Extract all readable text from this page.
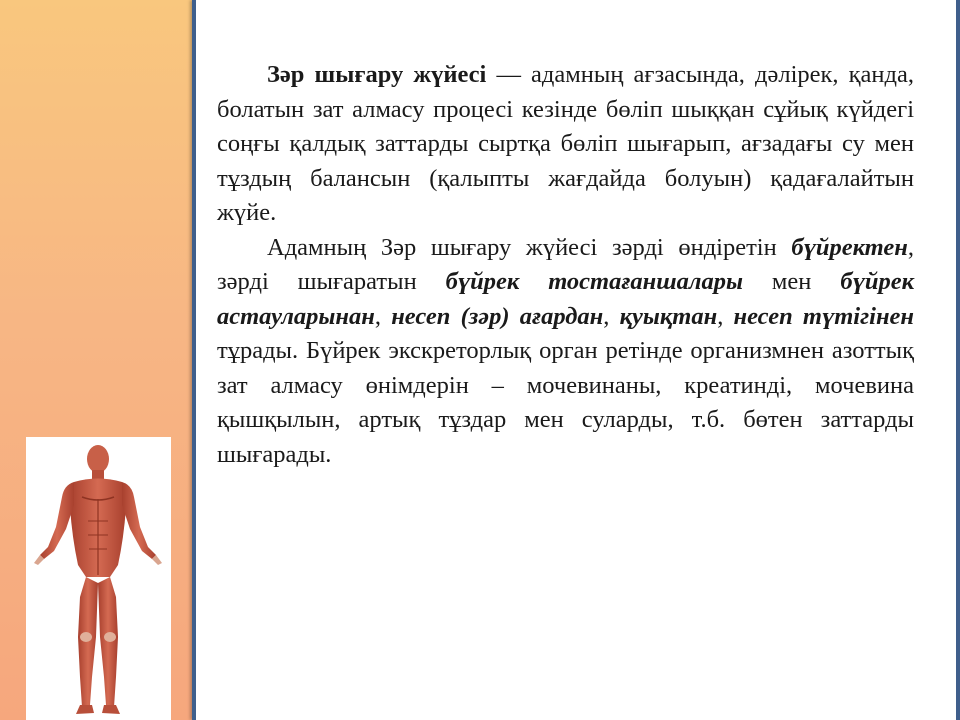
Зәр шығару жүйесі — адамның ағзасында, дәлірек, қанда, болатын зат алмасу процесі кезінде бөліп шыққан сұйық күйдегі соңғы қалдық заттарды сыртқа бөліп шығарып, ағзадағы су мен тұздың балансын (қалыпты жағдайда болуын) қадағалайтын жүйе.

Адамның Зәр шығару жүйесі зәрді өндіретін бүйректен, зәрді шығаратын бүйрек тостағаншалары мен бүйрек астауларынан, несеп (зәр) ағардан, қуықтан, несеп түтігінен тұрады. Бүйрек экскреторлық орган ретінде организмнен азоттық зат алмасу өнімдерін – мочевинаны, креатинді, мочевина қышқылын, артық тұздар мен суларды, т.б. бөтен заттарды шығарады.
